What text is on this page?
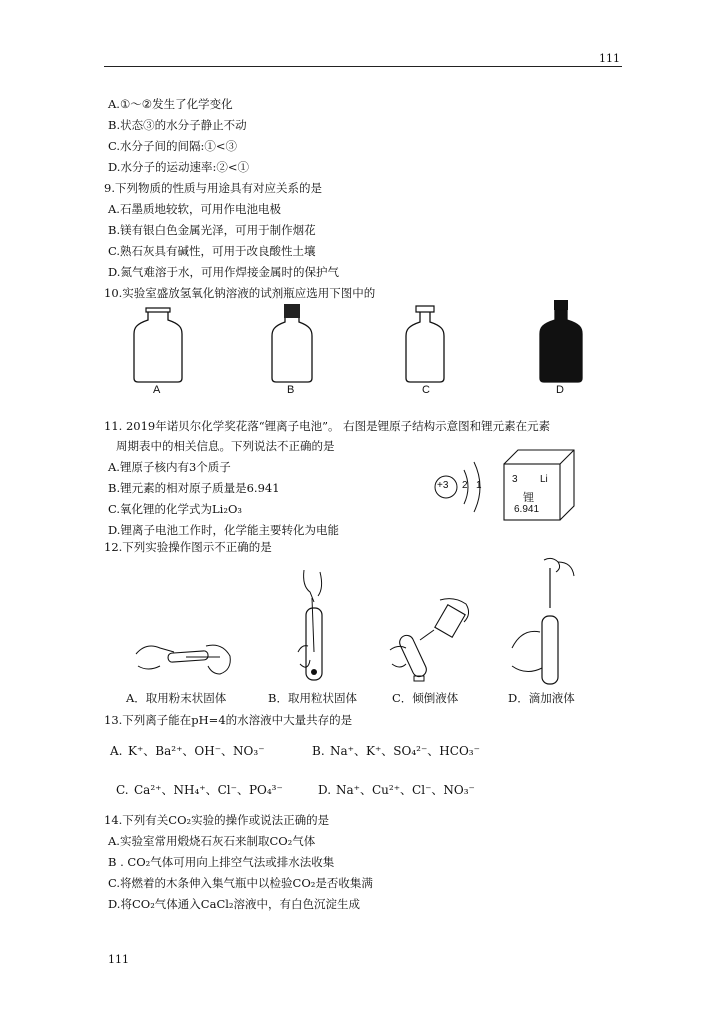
111
A.①～②发生了化学变化
B.状态③的水分子静止不动
C.水分子间的间隔:①<③
D.水分子的运动速率:②<①
9.下列物质的性质与用途具有对应关系的是
A.石墨质地较软，可用作电池电极
B.镁有银白色金属光泽，可用于制作烟花
C.熟石灰具有碱性，可用于改良酸性土壤
D.氮气难溶于水，可用作焊接金属时的保护气
10.实验室盛放氢氧化钠溶液的试剂瓶应选用下图中的
A	B	C	D
11. 2019年诺贝尔化学奖花落“锂离子电池”。 右图是锂原子结构示意图和锂元素在元素
周期表中的相关信息。下列说法不正确的是
A.锂原子核内有3个质子
B.锂元素的相对原子质量是6.941
C.氧化锂的化学式为Li₂O₃
D.锂离子电池工作时，化学能主要转化为电能
+3 2 1
3 Li
锂
6.941
12.下列实验操作图示不正确的是
A．取用粉末状固体	B．取用粒状固体	C．倾倒液体	D．滴加液体
13.下列离子能在pH=4的水溶液中大量共存的是
A. K⁺、Ba²⁺、OH⁻、NO₃⁻	B. Na⁺、K⁺、SO₄²⁻、HCO₃⁻
C. Ca²⁺、NH₄⁺、Cl⁻、PO₄³⁻	D. Na⁺、Cu²⁺、Cl⁻、NO₃⁻
14.下列有关CO₂实验的操作或说法正确的是
A.实验室常用煅烧石灰石来制取CO₂气体
B . CO₂气体可用向上排空气法或排水法收集
C.将燃着的木条伸入集气瓶中以检验CO₂是否收集满
D.将CO₂气体通入CaCl₂溶液中，有白色沉淀生成
111
